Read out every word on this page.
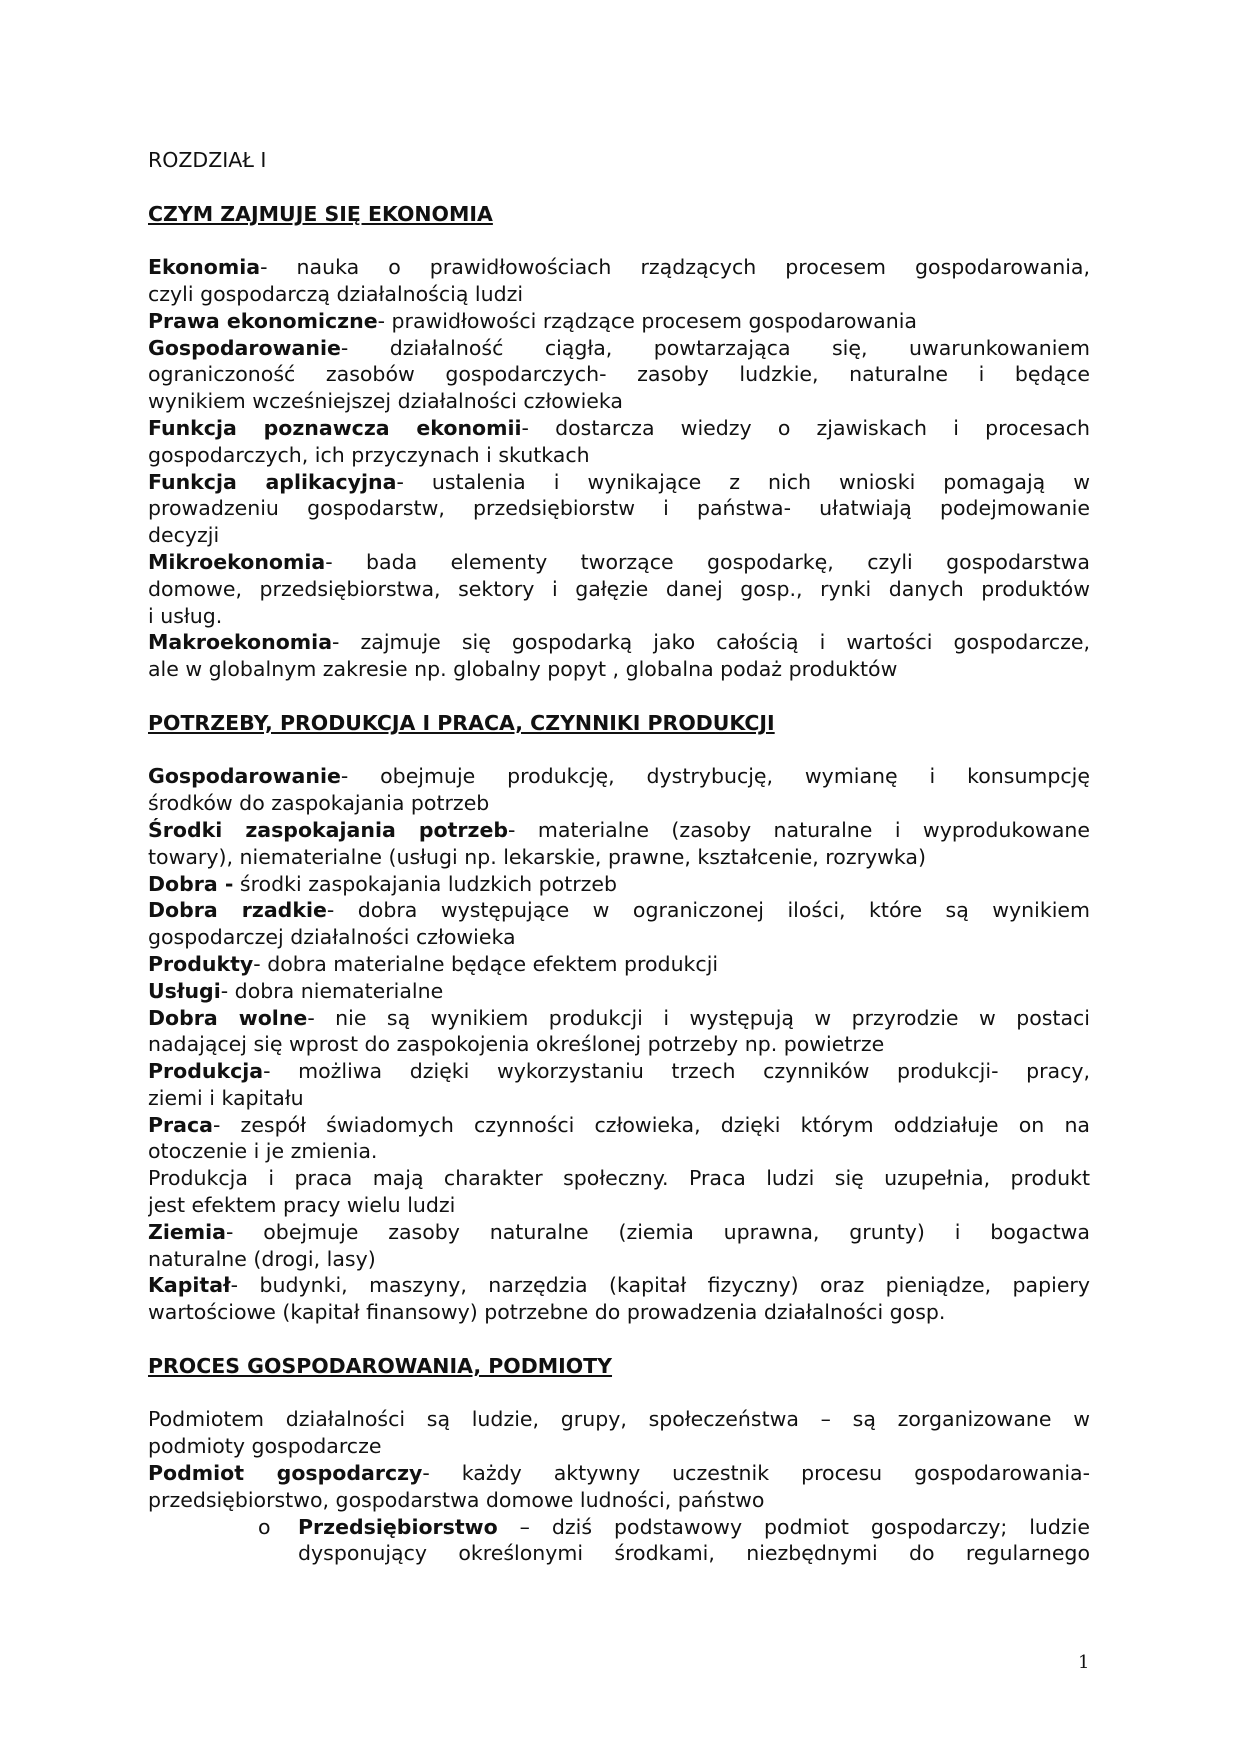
ROZDZIAŁ I
CZYM ZAJMUJE SIĘ EKONOMIA
Ekonomia- nauka o prawidłowościach rządzących procesem gospodarowania,
czyli gospodarczą działalnością ludzi
Prawa ekonomiczne- prawidłowości rządzące procesem gospodarowania
Gospodarowanie- działalność ciągła, powtarzająca się, uwarunkowaniem
ograniczoność zasobów gospodarczych- zasoby ludzkie, naturalne i będące
wynikiem wcześniejszej działalności człowieka
Funkcja poznawcza ekonomii- dostarcza wiedzy o zjawiskach i procesach
gospodarczych, ich przyczynach i skutkach
Funkcja aplikacyjna- ustalenia i wynikające z nich wnioski pomagają w
prowadzeniu gospodarstw, przedsiębiorstw i państwa- ułatwiają podejmowanie
decyzji
Mikroekonomia- bada elementy tworzące gospodarkę, czyli gospodarstwa
domowe, przedsiębiorstwa, sektory i gałęzie danej gosp., rynki danych produktów
i usług.
Makroekonomia- zajmuje się gospodarką jako całością i wartości gospodarcze,
ale w globalnym zakresie np. globalny popyt , globalna podaż produktów
POTRZEBY, PRODUKCJA I PRACA, CZYNNIKI PRODUKCJI
Gospodarowanie- obejmuje produkcję, dystrybucję, wymianę i konsumpcję
środków do zaspokajania potrzeb
Środki zaspokajania potrzeb- materialne (zasoby naturalne i wyprodukowane
towary), niematerialne (usługi np. lekarskie, prawne, kształcenie, rozrywka)
Dobra - środki zaspokajania ludzkich potrzeb
Dobra rzadkie- dobra występujące w ograniczonej ilości, które są wynikiem
gospodarczej działalności człowieka
Produkty- dobra materialne będące efektem produkcji
Usługi- dobra niematerialne
Dobra wolne- nie są wynikiem produkcji i występują w przyrodzie w postaci
nadającej się wprost do zaspokojenia określonej potrzeby np. powietrze
Produkcja- możliwa dzięki wykorzystaniu trzech czynników produkcji- pracy,
ziemi i kapitału
Praca- zespół świadomych czynności człowieka, dzięki którym oddziałuje on na
otoczenie i je zmienia.
Produkcja i praca mają charakter społeczny. Praca ludzi się uzupełnia, produkt
jest efektem pracy wielu ludzi
Ziemia- obejmuje zasoby naturalne (ziemia uprawna, grunty) i bogactwa
naturalne (drogi, lasy)
Kapitał- budynki, maszyny, narzędzia (kapitał fizyczny) oraz pieniądze, papiery
wartościowe (kapitał finansowy) potrzebne do prowadzenia działalności gosp.
PROCES GOSPODAROWANIA, PODMIOTY
Podmiotem działalności są ludzie, grupy, społeczeństwa – są zorganizowane w
podmioty gospodarcze
Podmiot gospodarczy- każdy aktywny uczestnik procesu gospodarowania-
przedsiębiorstwo, gospodarstwa domowe ludności, państwo
o Przedsiębiorstwo – dziś podstawowy podmiot gospodarczy; ludzie
dysponujący określonymi środkami, niezbędnymi do regularnego
1
